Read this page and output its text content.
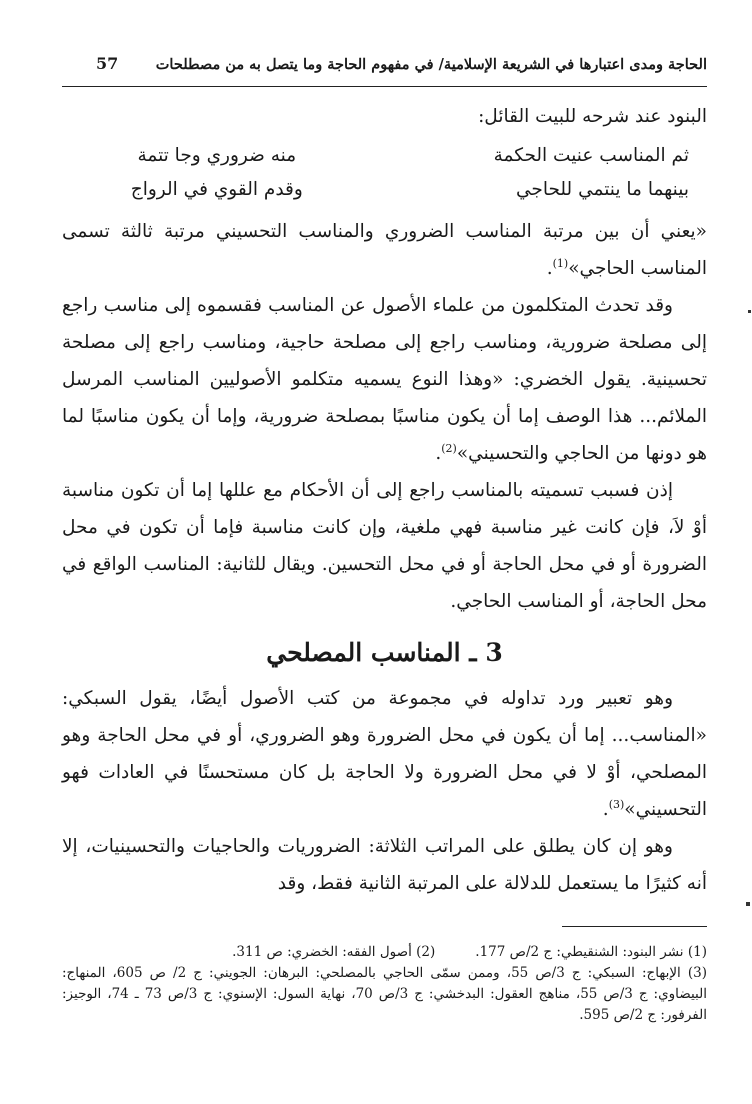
57	الحاجة ومدى اعتبارها في الشريعة الإسلامية/ في مفهوم الحاجة وما يتصل به من مصطلحات

البنود عند شرحه للبيت القائل:

ثم المناسب عنيت الحكمة
منه ضروري وجا تتمة
بينهما ما ينتمي للحاجي
وقدم القوي في الرواج

«يعني أن بين مرتبة المناسب الضروري والمناسب التحسيني مرتبة ثالثة تسمى المناسب الحاجي»$^{(1)}$.

وقد تحدث المتكلمون من علماء الأصول عن المناسب فقسموه إلى مناسب راجع إلى مصلحة ضرورية، ومناسب راجع إلى مصلحة حاجية، ومناسب راجع إلى مصلحة تحسينية. يقول الخضري: «وهذا النوع يسميه متكلمو الأصوليين المناسب المرسل الملائم... هذا الوصف إما أن يكون مناسبًا بمصلحة ضرورية، وإما أن يكون مناسبًا لما هو دونها من الحاجي والتحسيني»$^{(2)}$.

إذن فسبب تسميته بالمناسب راجع إلى أن الأحكام مع عللها إما أن تكون مناسبة أوْ لاَ، فإن كانت غير مناسبة فهي ملغية، وإن كانت مناسبة فإما أن تكون في محل الضرورة أو في محل الحاجة أو في محل التحسين. ويقال للثانية: المناسب الواقع في محل الحاجة، أو المناسب الحاجي.

3 ـ المناسب المصلحي

وهو تعبير ورد تداوله في مجموعة من كتب الأصول أيضًا، يقول السبكي: «المناسب... إما أن يكون في محل الضرورة وهو الضروري، أو في محل الحاجة وهو المصلحي، أوْ لا في محل الضرورة ولا الحاجة بل كان مستحسنًا في العادات فهو التحسيني»$^{(3)}$.

وهو إن كان يطلق على المراتب الثلاثة: الضروريات والحاجيات والتحسينيات، إلا أنه كثيرًا ما يستعمل للدلالة على المرتبة الثانية فقط، وقد

(1) نشر البنود: الشنقيطي: ج 2/ص 177.
(2) أصول الفقه: الخضري: ص 311.

(3) الإبهاج: السبكي: ج 3/ص 55، وممن سمّى الحاجي بالمصلحي: البرهان: الجويني: ج 2/ ص 605، المنهاج: البيضاوي: ج 3/ص 55، مناهج العقول: البدخشي: ج 3/ص 70، نهاية السول: الإسنوي: ج 3/ص 73 ـ 74، الوجيز: الفرفور: ج 2/ص 595.
